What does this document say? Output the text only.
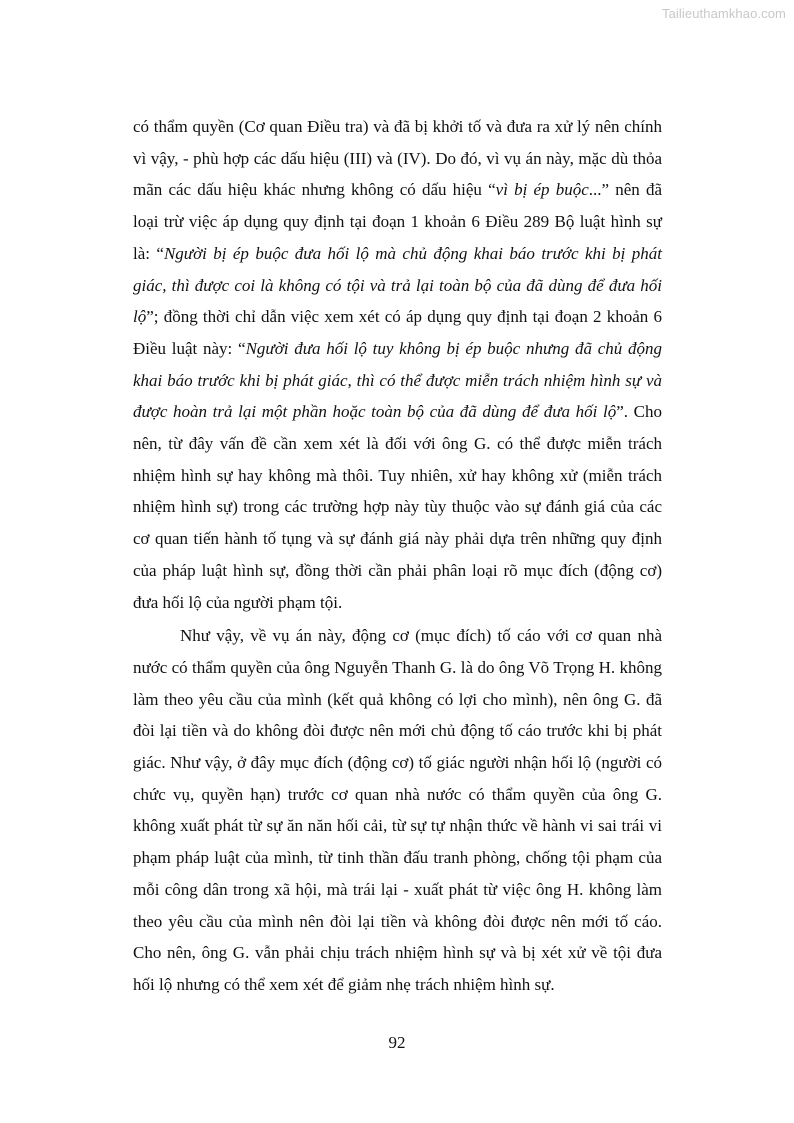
Tailieuthamkhao.com

có thẩm quyền (Cơ quan Điều tra) và đã bị khởi tố và đưa ra xử lý nên chính vì vậy, - phù hợp các dấu hiệu (III) và (IV). Do đó, vì vụ án này, mặc dù thỏa mãn các dấu hiệu khác nhưng không có dấu hiệu “vì bị ép buộc...” nên đã loại trừ việc áp dụng quy định tại đoạn 1 khoản 6 Điều 289 Bộ luật hình sự là: “Người bị ép buộc đưa hối lộ mà chủ động khai báo trước khi bị phát giác, thì được coi là không có tội và trả lại toàn bộ của đã dùng để đưa hối lộ”; đồng thời chỉ dẫn việc xem xét có áp dụng quy định tại đoạn 2 khoản 6 Điều luật này: “Người đưa hối lộ tuy không bị ép buộc nhưng đã chủ động khai báo trước khi bị phát giác, thì có thể được miễn trách nhiệm hình sự và được hoàn trả lại một phần hoặc toàn bộ của đã dùng để đưa hối lộ”. Cho nên, từ đây vấn đề cần xem xét là đối với ông G. có thể được miễn trách nhiệm hình sự hay không mà thôi. Tuy nhiên, xử hay không xử (miễn trách nhiệm hình sự) trong các trường hợp này tùy thuộc vào sự đánh giá của các cơ quan tiến hành tố tụng và sự đánh giá này phải dựa trên những quy định của pháp luật hình sự, đồng thời cần phải phân loại rõ mục đích (động cơ) đưa hối lộ của người phạm tội.

Như vậy, về vụ án này, động cơ (mục đích) tố cáo với cơ quan nhà nước có thẩm quyền của ông Nguyễn Thanh G. là do ông Võ Trọng H. không làm theo yêu cầu của mình (kết quả không có lợi cho mình), nên ông G. đã đòi lại tiền và do không đòi được nên mới chủ động tố cáo trước khi bị phát giác. Như vậy, ở đây mục đích (động cơ) tố giác người nhận hối lộ (người có chức vụ, quyền hạn) trước cơ quan nhà nước có thẩm quyền của ông G. không xuất phát từ sự ăn năn hối cải, từ sự tự nhận thức về hành vi sai trái vi phạm pháp luật của mình, từ tinh thần đấu tranh phòng, chống tội phạm của mỗi công dân trong xã hội, mà trái lại - xuất phát từ việc ông H. không làm theo yêu cầu của mình nên đòi lại tiền và không đòi được nên mới tố cáo. Cho nên, ông G. vẫn phải chịu trách nhiệm hình sự và bị xét xử về tội đưa hối lộ nhưng có thể xem xét để giảm nhẹ trách nhiệm hình sự.

92
